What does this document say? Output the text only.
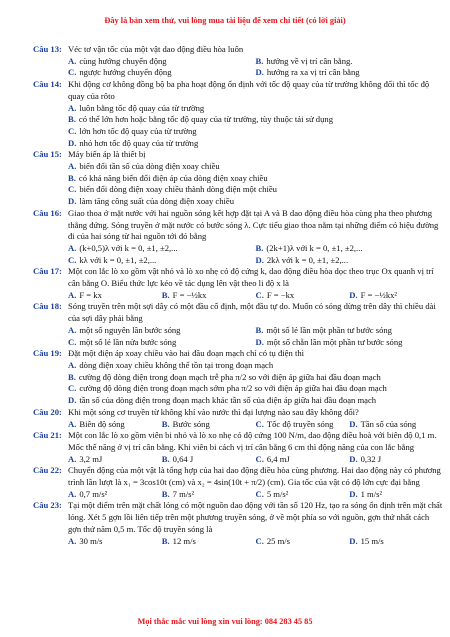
Đây là bản xem thử, vui lòng mua tài liệu để xem chi tiết (có lời giải)
Câu 13: Véc tơ vận tốc của một vật dao động điều hòa luôn
A. cùng hướng chuyển động	B. hướng về vị trí cân bằng.
C. ngược hướng chuyển động	D. hướng ra xa vị trí cân bằng
Câu 14: Khi động cơ không đồng bộ ba pha hoạt động ổn định với tốc độ quay của từ trường không đổi thì tốc độ quay của rôto
A. luôn bằng tốc độ quay của từ trường
B. có thể lớn hơn hoặc bằng tốc độ quay của từ trường, tùy thuộc tải sử dụng
C. lớn hơn tốc độ quay của từ trường
D. nhỏ hơn tốc độ quay của từ trường
Câu 15: Máy biến áp là thiết bị
A. biến đổi tần số của dòng điện xoay chiều
B. có khả năng biến đổi điện áp của dòng điện xoay chiều
C. biến đổi dòng điện xoay chiều thành dòng điện một chiều
D. làm tăng công suất của dòng điện xoay chiều
Câu 16: Giao thoa ở mặt nước với hai nguồn sóng kết hợp đặt tại A và B dao động điều hòa cùng pha theo phương thẳng đứng. Sóng truyền ở mặt nước có bước sóng λ. Cực tiểu giao thoa nằm tại những điểm có hiệu đường đi của hai sóng từ hai nguồn tới đó bằng
A. (k+0,5)λ với k = 0, ±1, ±2,...	B. (2k+1)λ với k = 0, ±1, ±2,...
C. kλ với k = 0, ±1, ±2,...	D. 2kλ với k = 0, ±1, ±2,...
Câu 17: Một con lắc lò xo gồm vật nhỏ và lò xo nhẹ có độ cứng k, dao động điều hòa dọc theo trục Ox quanh vị trí cân bằng O. Biểu thức lực kéo về tác dụng lên vật theo li độ x là
A. F = kx	B. F = −½kx	C. F = −kx	D. F = −½kx²
Câu 18: Sóng truyền trên một sợi dây có một đầu cố định, một đầu tự do. Muốn có sóng dừng trên dây thì chiều dài của sợi dây phải bằng
A. một số nguyên lần bước sóng	B. một số lẻ lần một phần tư bước sóng
C. một số lẻ lần nửa bước sóng	D. một số chẵn lần một phần tư bước sóng
Câu 19: Đặt một điện áp xoay chiều vào hai đầu đoạn mạch chỉ có tụ điện thì
A. dòng điện xoay chiều không thể tồn tại trong đoạn mạch
B. cường độ dòng điện trong đoạn mạch trễ pha π/2 so với điện áp giữa hai đầu đoạn mạch
C. cường độ dòng điện trong đoạn mạch sớm pha π/2 so với điện áp giữa hai đầu đoạn mạch
D. tần số của dòng điện trong đoạn mạch khác tần số của điện áp giữa hai đầu đoạn mạch
Câu 20: Khi một sóng cơ truyền từ không khí vào nước thì đại lượng nào sau đây không đổi?
A. Biên độ sóng	B. Bước sóng	C. Tốc độ truyền sóng	D. Tần số của sóng
Câu 21: Một con lắc lò xo gồm viên bi nhỏ và lò xo nhẹ có độ cứng 100 N/m, dao động điều hoà với biên độ 0,1 m. Mốc thế năng ở vị trí cân bằng. Khi viên bi cách vị trí cân bằng 6 cm thì động năng của con lắc bằng
A. 3,2 mJ	B. 0,64 J	C. 6,4 mJ	D. 0,32 J
Câu 22: Chuyển động của một vật là tổng hợp của hai dao động điều hòa cùng phương. Hai dao động này có phương trình lần lượt là x₁ = 3cos10t (cm) và x₂ = 4sin(10t + π/2) (cm). Gia tốc của vật có độ lớn cực đại bằng
A. 0,7 m/s²	B. 7 m/s²	C. 5 m/s²	D. 1 m/s²
Câu 23: Tại một điểm trên mặt chất lỏng có một nguồn dao động với tần số 120 Hz, tạo ra sóng ổn định trên mặt chất lỏng. Xét 5 gợn lồi liên tiếp trên một phương truyền sóng, ở về một phía so với nguồn, gợn thứ nhất cách gợn thứ năm 0,5 m. Tốc độ truyền sóng là
A. 30 m/s	B. 12 m/s	C. 25 m/s	D. 15 m/s
Mọi thắc mắc vui lòng xin vui lòng: 084 283 45 85
